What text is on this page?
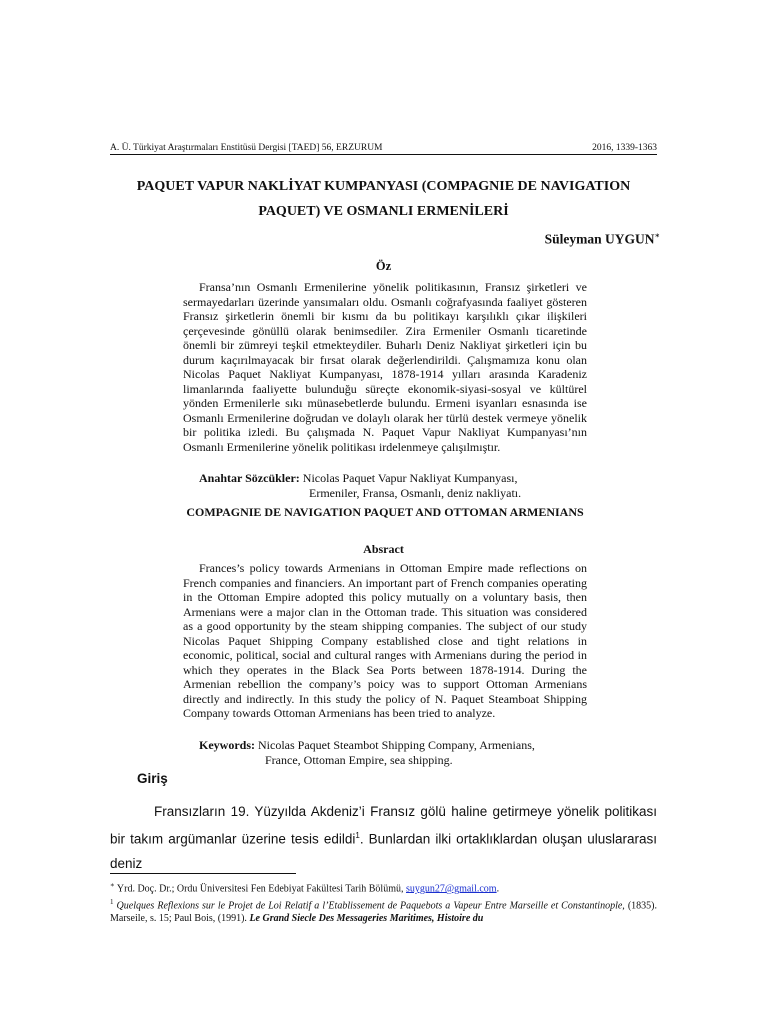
A. Ü. Türkiyat Araştırmaları Enstitüsü Dergisi [TAED] 56, ERZURUM	2016, 1339-1363
PAQUET VAPUR NAKLİYAT KUMPANYASI (COMPAGNIE DE NAVIGATION
PAQUET) VE OSMANLI ERMENİLERİ
Süleyman UYGUN∗
Öz

Fransa’nın Osmanlı Ermenilerine yönelik politikasının, Fransız şirketleri ve sermayedarları üzerinde yansımaları oldu. Osmanlı coğrafyasında faaliyet gösteren Fransız şirketlerin önemli bir kısmı da bu politikayı karşılıklı çıkar ilişkileri çerçevesinde gönüllü olarak benimsediler. Zira Ermeniler Osmanlı ticaretinde önemli bir zümreyi teşkil etmekteydiler. Buharlı Deniz Nakliyat şirketleri için bu durum kaçırılmayacak bir fırsat olarak değerlendirildi. Çalışmamıza konu olan Nicolas Paquet Nakliyat Kumpanyası, 1878-1914 yılları arasında Karadeniz limanlarında faaliyette bulunduğu süreçte ekonomik-siyasi-sosyal ve kültürel yönden Ermenilerle sıkı münasebetlerde bulundu. Ermeni isyanları esnasında ise Osmanlı Ermenilerine doğrudan ve dolaylı olarak her türlü destek vermeye yönelik bir politika izledi. Bu çalışmada N. Paquet Vapur Nakliyat Kumpanyası’nın Osmanlı Ermenilerine yönelik politikası irdelenmeye çalışılmıştır.

Anahtar Sözcükler: Nicolas Paquet Vapur Nakliyat Kumpanyası,
Ermeniler, Fransa, Osmanlı, deniz nakliyatı.
COMPAGNIE DE NAVIGATION PAQUET AND OTTOMAN ARMENIANS
Absract

Frances’s policy towards Armenians in Ottoman Empire made reflections on French companies and financiers. An important part of French companies operating in the Ottoman Empire adopted this policy mutually on a voluntary basis, then Armenians were a major clan in the Ottoman trade. This situation was considered as a good opportunity by the steam shipping companies. The subject of our study Nicolas Paquet Shipping Company established close and tight relations in economic, political, social and cultural ranges with Armenians during the period in which they operates in the Black Sea Ports between 1878-1914. During the Armenian rebellion the company’s poicy was to support Ottoman Armenians directly and indirectly. In this study the policy of N. Paquet Steamboat Shipping Company towards Ottoman Armenians has been tried to analyze.

Keywords: Nicolas Paquet Steambot Shipping Company, Armenians,
France, Ottoman Empire, sea shipping.
Giriş

Fransızların 19. Yüzyılda Akdeniz’i Fransız gölü haline getirmeye yönelik politikası bir takım argümanlar üzerine tesis edildi$^1$. Bunlardan ilki ortaklıklardan oluşan uluslararası deniz

∗ Yrd. Doç. Dr.; Ordu Üniversitesi Fen Edebiyat Fakültesi Tarih Bölümü, suygun27@gmail.com.

$^1$ Quelques Reflexions sur le Projet de Loi Relatif a l’Etablissement de Paquebots a Vapeur Entre Marseille et Constantinople, (1835). Marseile, s. 15; Paul Bois, (1991). Le Grand Siecle Des Messageries Maritimes, Histoire du
